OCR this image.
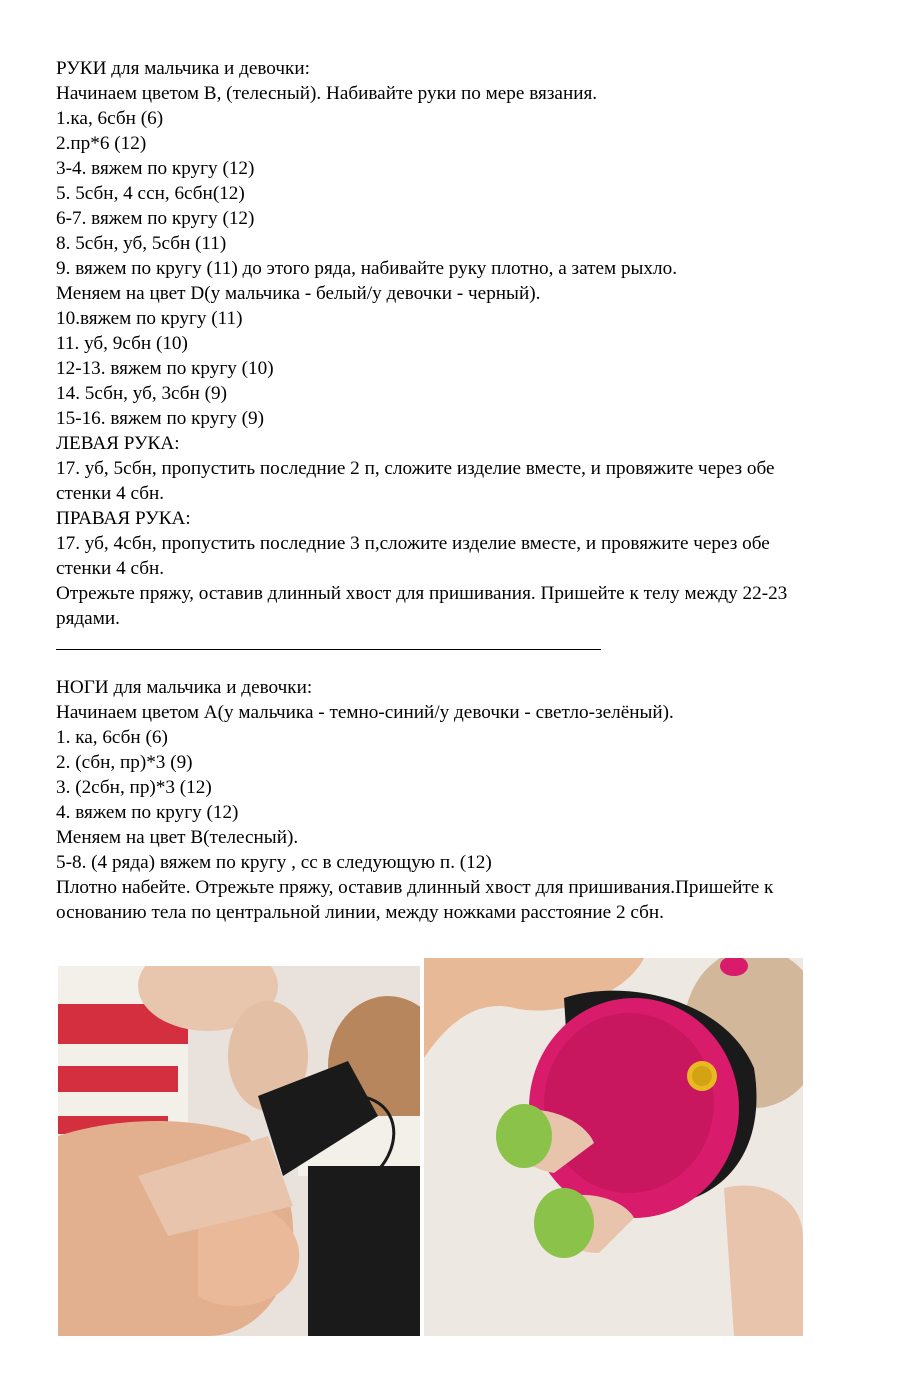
РУКИ для мальчика и девочки:
Начинаем цветом В, (телесный). Набивайте руки по мере вязания.
1.ка, 6сбн (6)
2.пр*6 (12)
3-4. вяжем по кругу (12)
5. 5сбн, 4 ссн, 6сбн(12)
6-7. вяжем по кругу (12)
8. 5сбн, уб, 5сбн (11)
9. вяжем по кругу (11) до этого ряда, набивайте руку плотно, а затем рыхло.
Меняем на цвет D(у мальчика - белый/у девочки - черный).
10.вяжем по кругу (11)
11. уб, 9сбн (10)
12-13. вяжем по кругу (10)
14. 5сбн, уб, 3сбн (9)
15-16. вяжем по кругу (9)
ЛЕВАЯ РУКА:
17. уб, 5сбн, пропустить последние 2 п, сложите изделие вместе, и провяжите через обе
стенки 4 сбн.
ПРАВАЯ РУКА:
17. уб, 4сбн, пропустить последние 3 п,сложите изделие вместе, и провяжите через обе
стенки 4 сбн.
Отрежьте пряжу, оставив длинный хвост для пришивания. Пришейте к телу между 22-23
рядами.
НОГИ для мальчика и девочки:
Начинаем цветом А(у мальчика - темно-синий/у девочки - светло-зелёный).
1. ка, 6сбн (6)
2. (сбн, пр)*3 (9)
3. (2сбн, пр)*3 (12)
4. вяжем по кругу (12)
Меняем на цвет В(телесный).
5-8. (4 ряда) вяжем по кругу , сс в следующую п. (12)
Плотно набейте. Отрежьте пряжу, оставив длинный хвост для пришивания.Пришейте к
основанию тела по центральной линии, между ножками расстояние 2 сбн.
